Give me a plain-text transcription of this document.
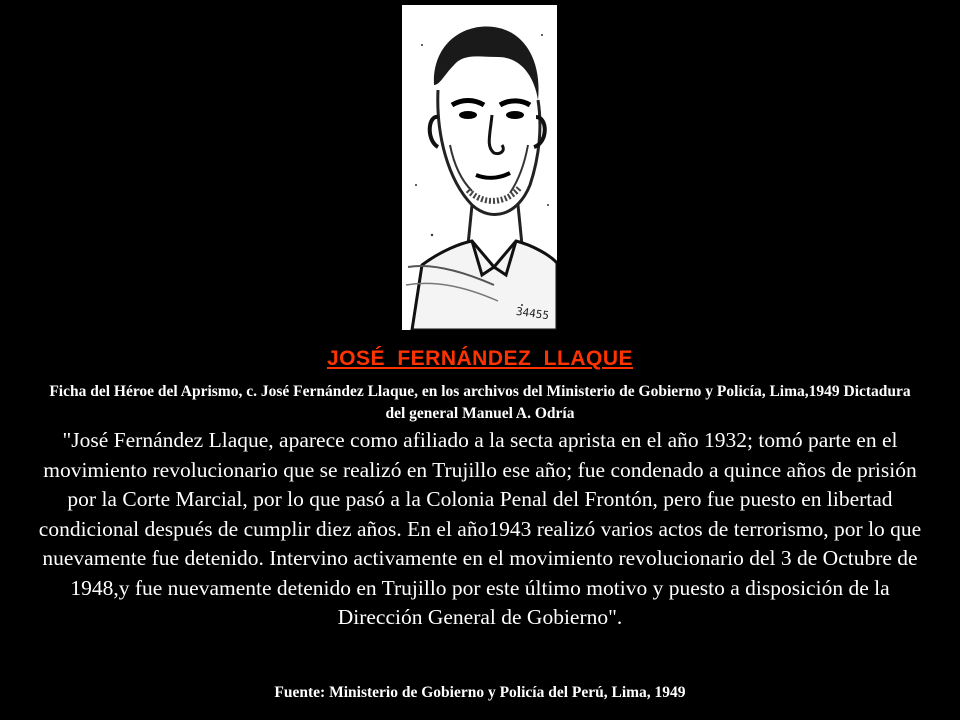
34455
JOSÉ FERNÁNDEZ LLAQUE

Ficha del Héroe del Aprismo, c. José Fernández Llaque, en los archivos del Ministerio de Gobierno y Policía, Lima,1949 Dictadura del general Manuel A. Odría

"José Fernández Llaque, aparece como afiliado a la secta aprista en el año 1932; tomó parte en el movimiento revolucionario que se realizó en Trujillo ese año; fue condenado a quince años de prisión por la Corte Marcial, por lo que pasó a la Colonia Penal del Frontón, pero fue puesto en libertad condicional después de cumplir diez años. En el año1943 realizó varios actos de terrorismo, por lo que nuevamente fue detenido. Intervino activamente en el movimiento revolucionario del 3 de Octubre de 1948,y fue nuevamente detenido en Trujillo por este último motivo y puesto a disposición de la Dirección General de Gobierno".

Fuente: Ministerio de Gobierno y Policía del Perú, Lima, 1949
